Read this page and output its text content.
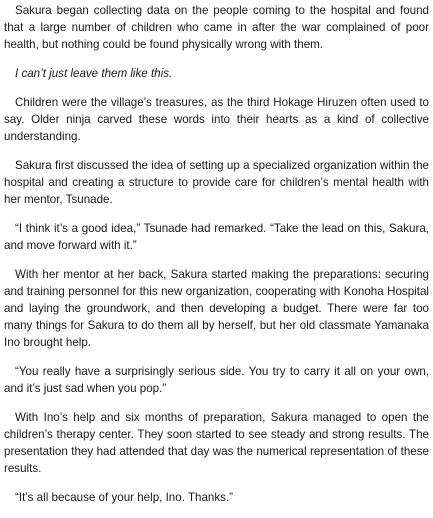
Sakura began collecting data on the people coming to the hospital and found that a large number of children who came in after the war complained of poor health, but nothing could be found physically wrong with them.

I can’t just leave them like this.

Children were the village’s treasures, as the third Hokage Hiruzen often used to say. Older ninja carved these words into their hearts as a kind of collective understanding.

Sakura first discussed the idea of setting up a specialized organization within the hospital and creating a structure to provide care for children’s mental health with her mentor, Tsunade.

“I think it’s a good idea,” Tsunade had remarked. “Take the lead on this, Sakura, and move forward with it.”

With her mentor at her back, Sakura started making the preparations: securing and training personnel for this new organization, cooperating with Konoha Hospital and laying the groundwork, and then developing a budget. There were far too many things for Sakura to do them all by herself, but her old classmate Yamanaka Ino brought help.

“You really have a surprisingly serious side. You try to carry it all on your own, and it’s just sad when you pop.”

With Ino’s help and six months of preparation, Sakura managed to open the children’s therapy center. They soon started to see steady and strong results. The presentation they had attended that day was the numerical representation of these results.

“It’s all because of your help, Ino. Thanks.”
